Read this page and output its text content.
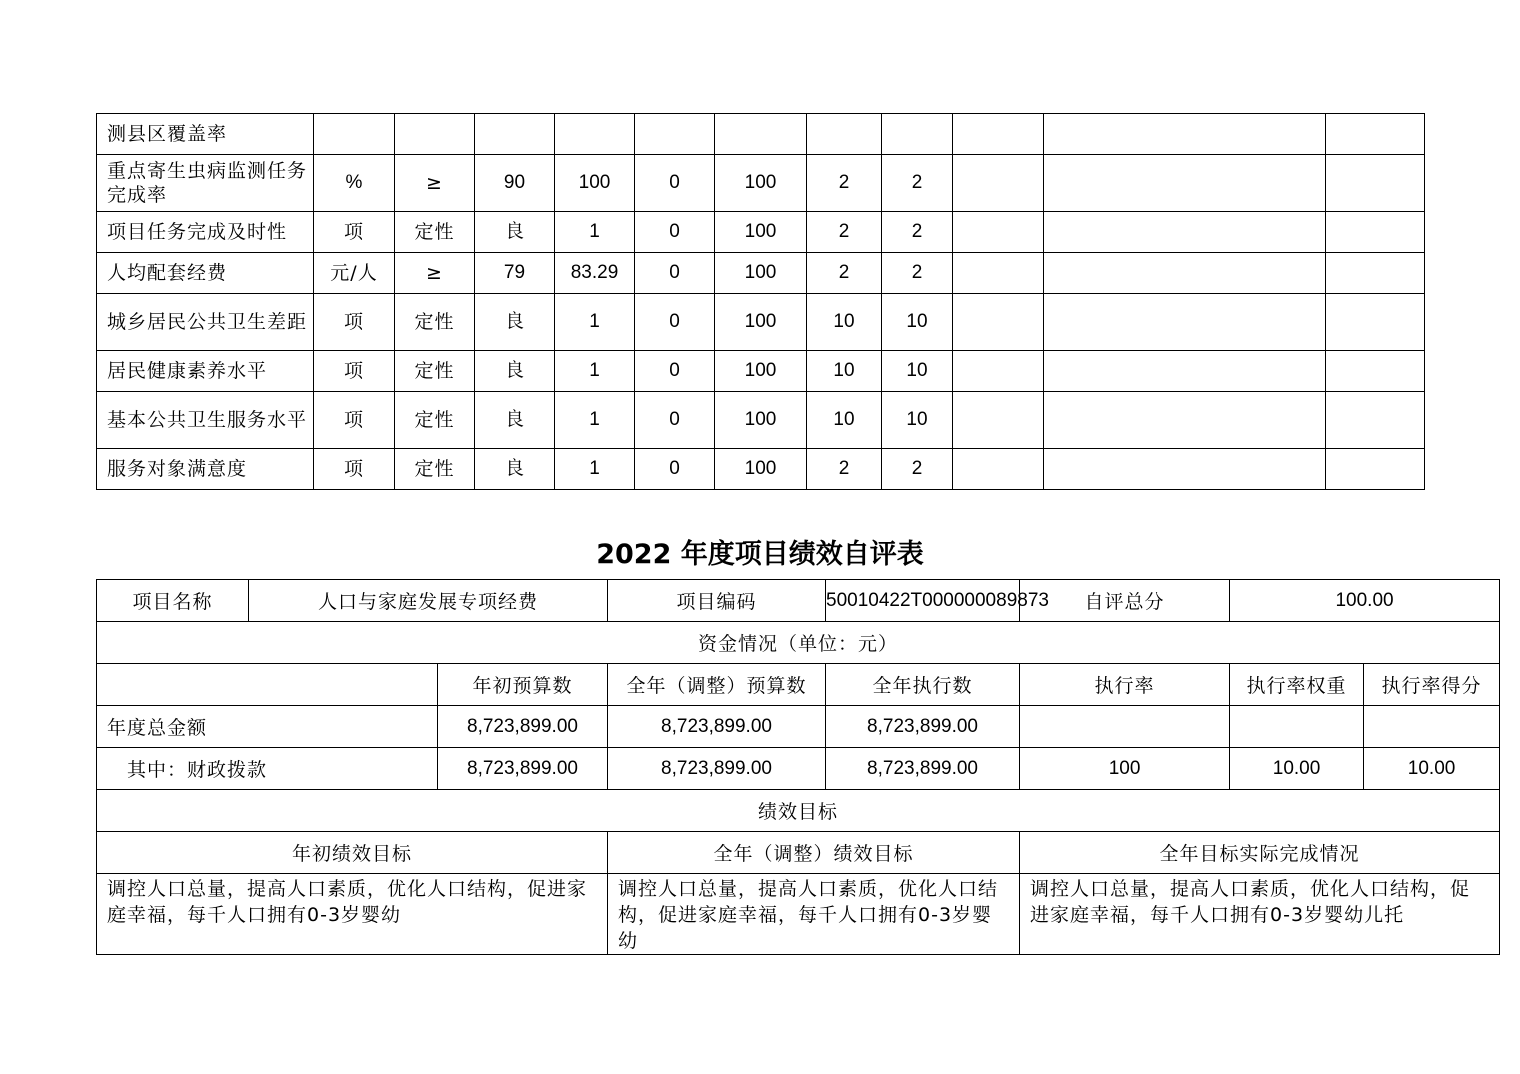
测县区覆盖率											
重点寄生虫病监测任务完成率	%	≥	90	100	0	100	2	2			
项目任务完成及时性	项	定性	良	1	0	100	2	2			
人均配套经费	元/人	≥	79	83.29	0	100	2	2			
城乡居民公共卫生差距	项	定性	良	1	0	100	10	10			
居民健康素养水平	项	定性	良	1	0	100	10	10			
基本公共卫生服务水平	项	定性	良	1	0	100	10	10			
服务对象满意度	项	定性	良	1	0	100	2	2			
2022 年度项目绩效自评表
项目名称	人口与家庭发展专项经费		项目编码	50010422T000000089873	自评总分	100.00	
资金情况（单位：元）							
		年初预算数	全年（调整）预算数	全年执行数	执行率	执行率权重	执行率得分
年度总金额		8,723,899.00	8,723,899.00	8,723,899.00			
其中：财政拨款		8,723,899.00	8,723,899.00	8,723,899.00	100	10.00	10.00
绩效目标							
年初绩效目标			全年（调整）绩效目标		全年目标实际完成情况		
调控人口总量，提高人口素质，优化人口结构，促进家庭幸福，每千人口拥有0-3岁婴幼			调控人口总量，提高人口素质，优化人口结构，促进家庭幸福，每千人口拥有0-3岁婴幼		调控人口总量，提高人口素质，优化人口结构，促进家庭幸福，每千人口拥有0-3岁婴幼儿托		
